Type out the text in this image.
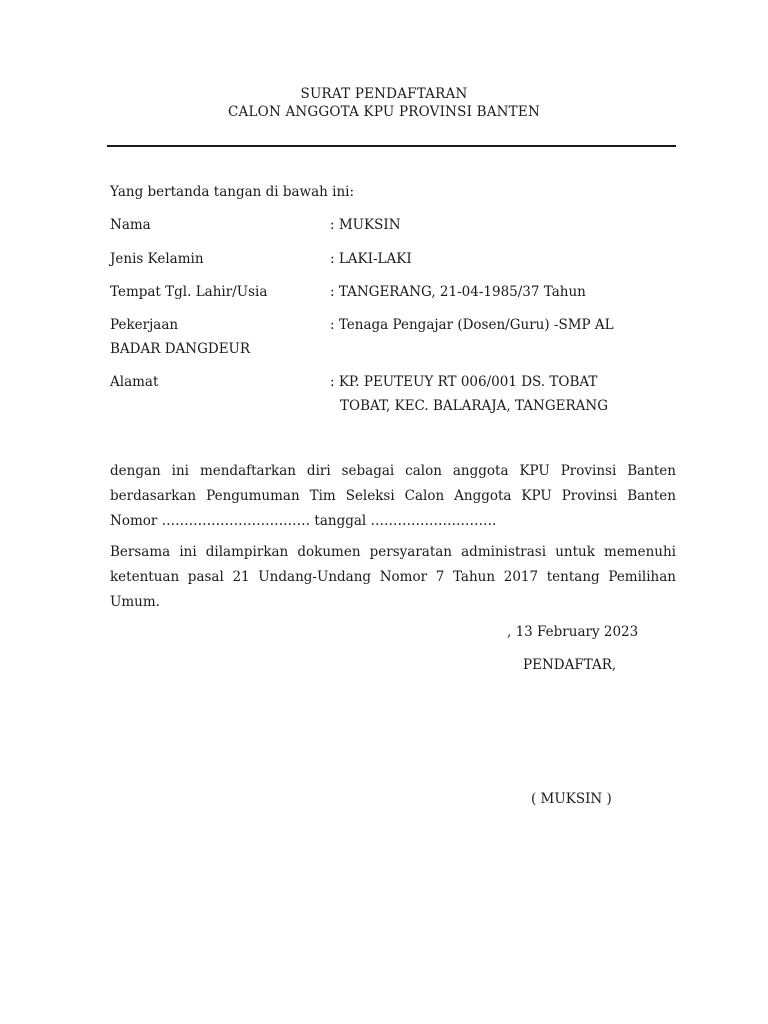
SURAT PENDAFTARAN
CALON ANGGOTA KPU PROVINSI BANTEN
Yang bertanda tangan di bawah ini:
Nama	: MUKSIN
Jenis Kelamin	: LAKI-LAKI
Tempat Tgl. Lahir/Usia	: TANGERANG, 21-04-1985/37 Tahun
Pekerjaan	: Tenaga Pengajar (Dosen/Guru) -SMP AL
BADAR DANGDEUR
Alamat	: KP. PEUTEUY RT 006/001 DS. TOBAT
TOBAT, KEC. BALARAJA, TANGERANG
dengan ini mendaftarkan diri sebagai calon anggota KPU Provinsi Banten
berdasarkan Pengumuman Tim Seleksi Calon Anggota KPU Provinsi Banten
Nomor …………………………… tanggal ……………………….
Bersama ini dilampirkan dokumen persyaratan administrasi untuk memenuhi
ketentuan pasal 21 Undang-Undang Nomor 7 Tahun 2017 tentang Pemilihan
Umum.
, 13 February 2023
PENDAFTAR,
( MUKSIN )
